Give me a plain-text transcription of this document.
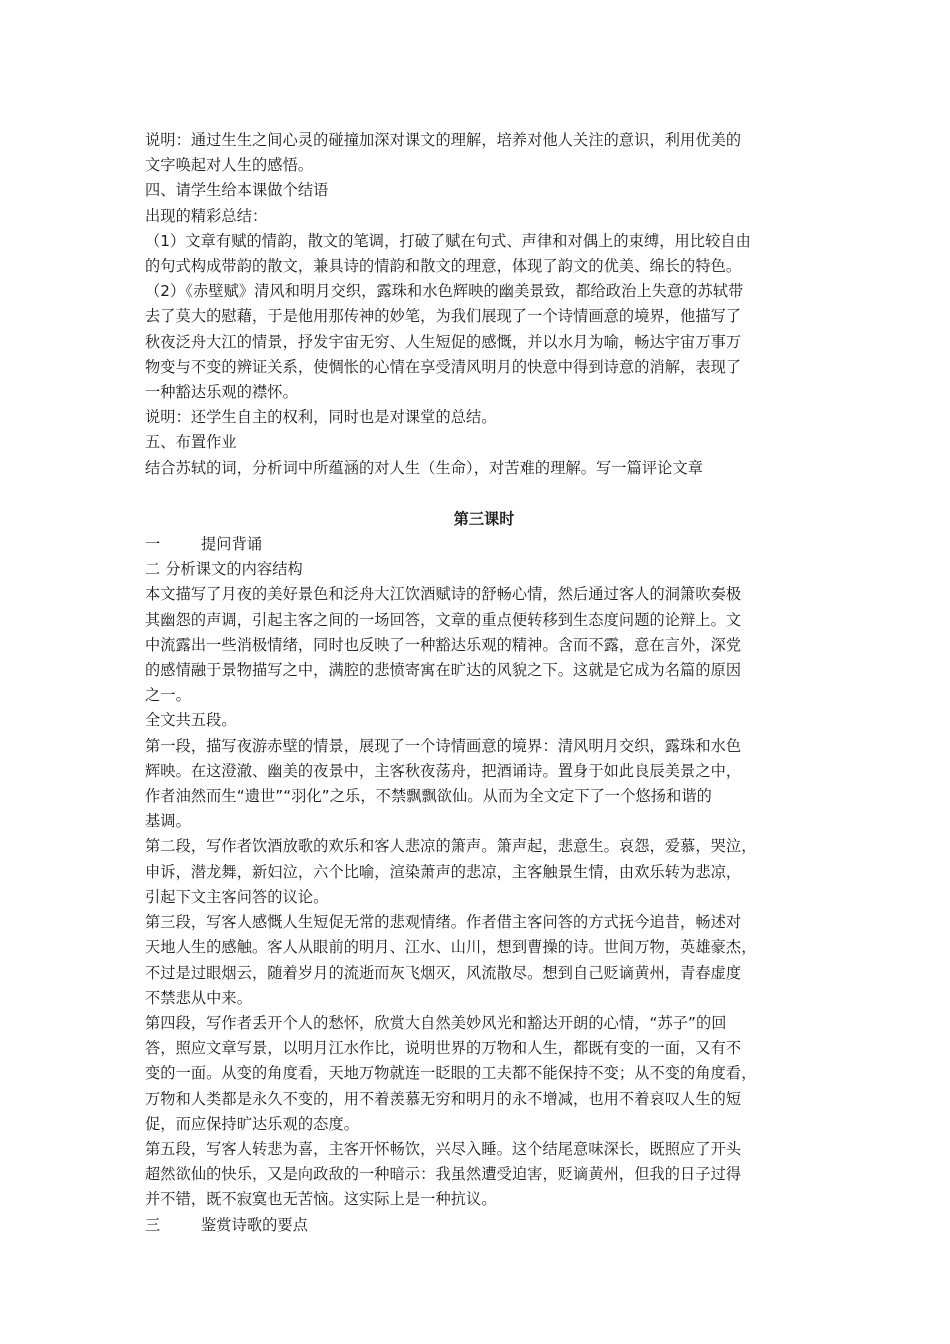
说明：通过生生之间心灵的碰撞加深对课文的理解，培养对他人关注的意识，利用优美的
文字唤起对人生的感悟。
四、请学生给本课做个结语
出现的精彩总结：
（1）文章有赋的情韵，散文的笔调，打破了赋在句式、声律和对偶上的束缚，用比较自由
的句式构成带韵的散文，兼具诗的情韵和散文的理意，体现了韵文的优美、绵长的特色。
（2）《赤壁赋》清风和明月交织，露珠和水色辉映的幽美景致，都给政治上失意的苏轼带
去了莫大的慰藉，于是他用那传神的妙笔，为我们展现了一个诗情画意的境界，他描写了
秋夜泛舟大江的情景，抒发宇宙无穷、人生短促的感慨，并以水月为喻，畅达宇宙万事万
物变与不变的辨证关系，使惆怅的心情在享受清风明月的快意中得到诗意的消解，表现了
一种豁达乐观的襟怀。
说明：还学生自主的权利，同时也是对课堂的总结。
五、布置作业
结合苏轼的词，分析词中所蕴涵的对人生（生命），对苦难的理解。写一篇评论文章
第三课时
一	提问背诵
二 分析课文的内容结构
本文描写了月夜的美好景色和泛舟大江饮酒赋诗的舒畅心情，然后通过客人的洞箫吹奏极
其幽怨的声调，引起主客之间的一场回答，文章的重点便转移到生态度问题的论辩上。文
中流露出一些消极情绪，同时也反映了一种豁达乐观的精神。含而不露，意在言外，深党
的感情融于景物描写之中，满腔的悲愤寄寓在旷达的风貌之下。这就是它成为名篇的原因
之一。
全文共五段。
第一段，描写夜游赤壁的情景，展现了一个诗情画意的境界：清风明月交织，露珠和水色
辉映。在这澄澈、幽美的夜景中，主客秋夜荡舟，把酒诵诗。置身于如此良辰美景之中，
作者油然而生“遗世”“羽化”之乐，不禁飘飘欲仙。从而为全文定下了一个悠扬和谐的
基调。
第二段，写作者饮酒放歌的欢乐和客人悲凉的箫声。箫声起，悲意生。哀怨，爱慕，哭泣，
申诉，潜龙舞，新妇泣，六个比喻，渲染萧声的悲凉，主客触景生情，由欢乐转为悲凉，
引起下文主客问答的议论。
第三段，写客人感慨人生短促无常的悲观情绪。作者借主客问答的方式抚今追昔，畅述对
天地人生的感触。客人从眼前的明月、江水、山川，想到曹操的诗。世间万物，英雄豪杰，
不过是过眼烟云，随着岁月的流逝而灰飞烟灭，风流散尽。想到自己贬谪黄州，青春虚度
不禁悲从中来。
第四段，写作者丢开个人的愁怀，欣赏大自然美妙风光和豁达开朗的心情，“苏子”的回
答，照应文章写景，以明月江水作比，说明世界的万物和人生，都既有变的一面，又有不
变的一面。从变的角度看，天地万物就连一眨眼的工夫都不能保持不变；从不变的角度看，
万物和人类都是永久不变的，用不着羡慕无穷和明月的永不增减，也用不着哀叹人生的短
促，而应保持旷达乐观的态度。
第五段，写客人转悲为喜，主客开怀畅饮，兴尽入睡。这个结尾意味深长，既照应了开头
超然欲仙的快乐，又是向政敌的一种暗示：我虽然遭受迫害，贬谪黄州，但我的日子过得
并不错，既不寂寞也无苦恼。这实际上是一种抗议。
三	鉴赏诗歌的要点
